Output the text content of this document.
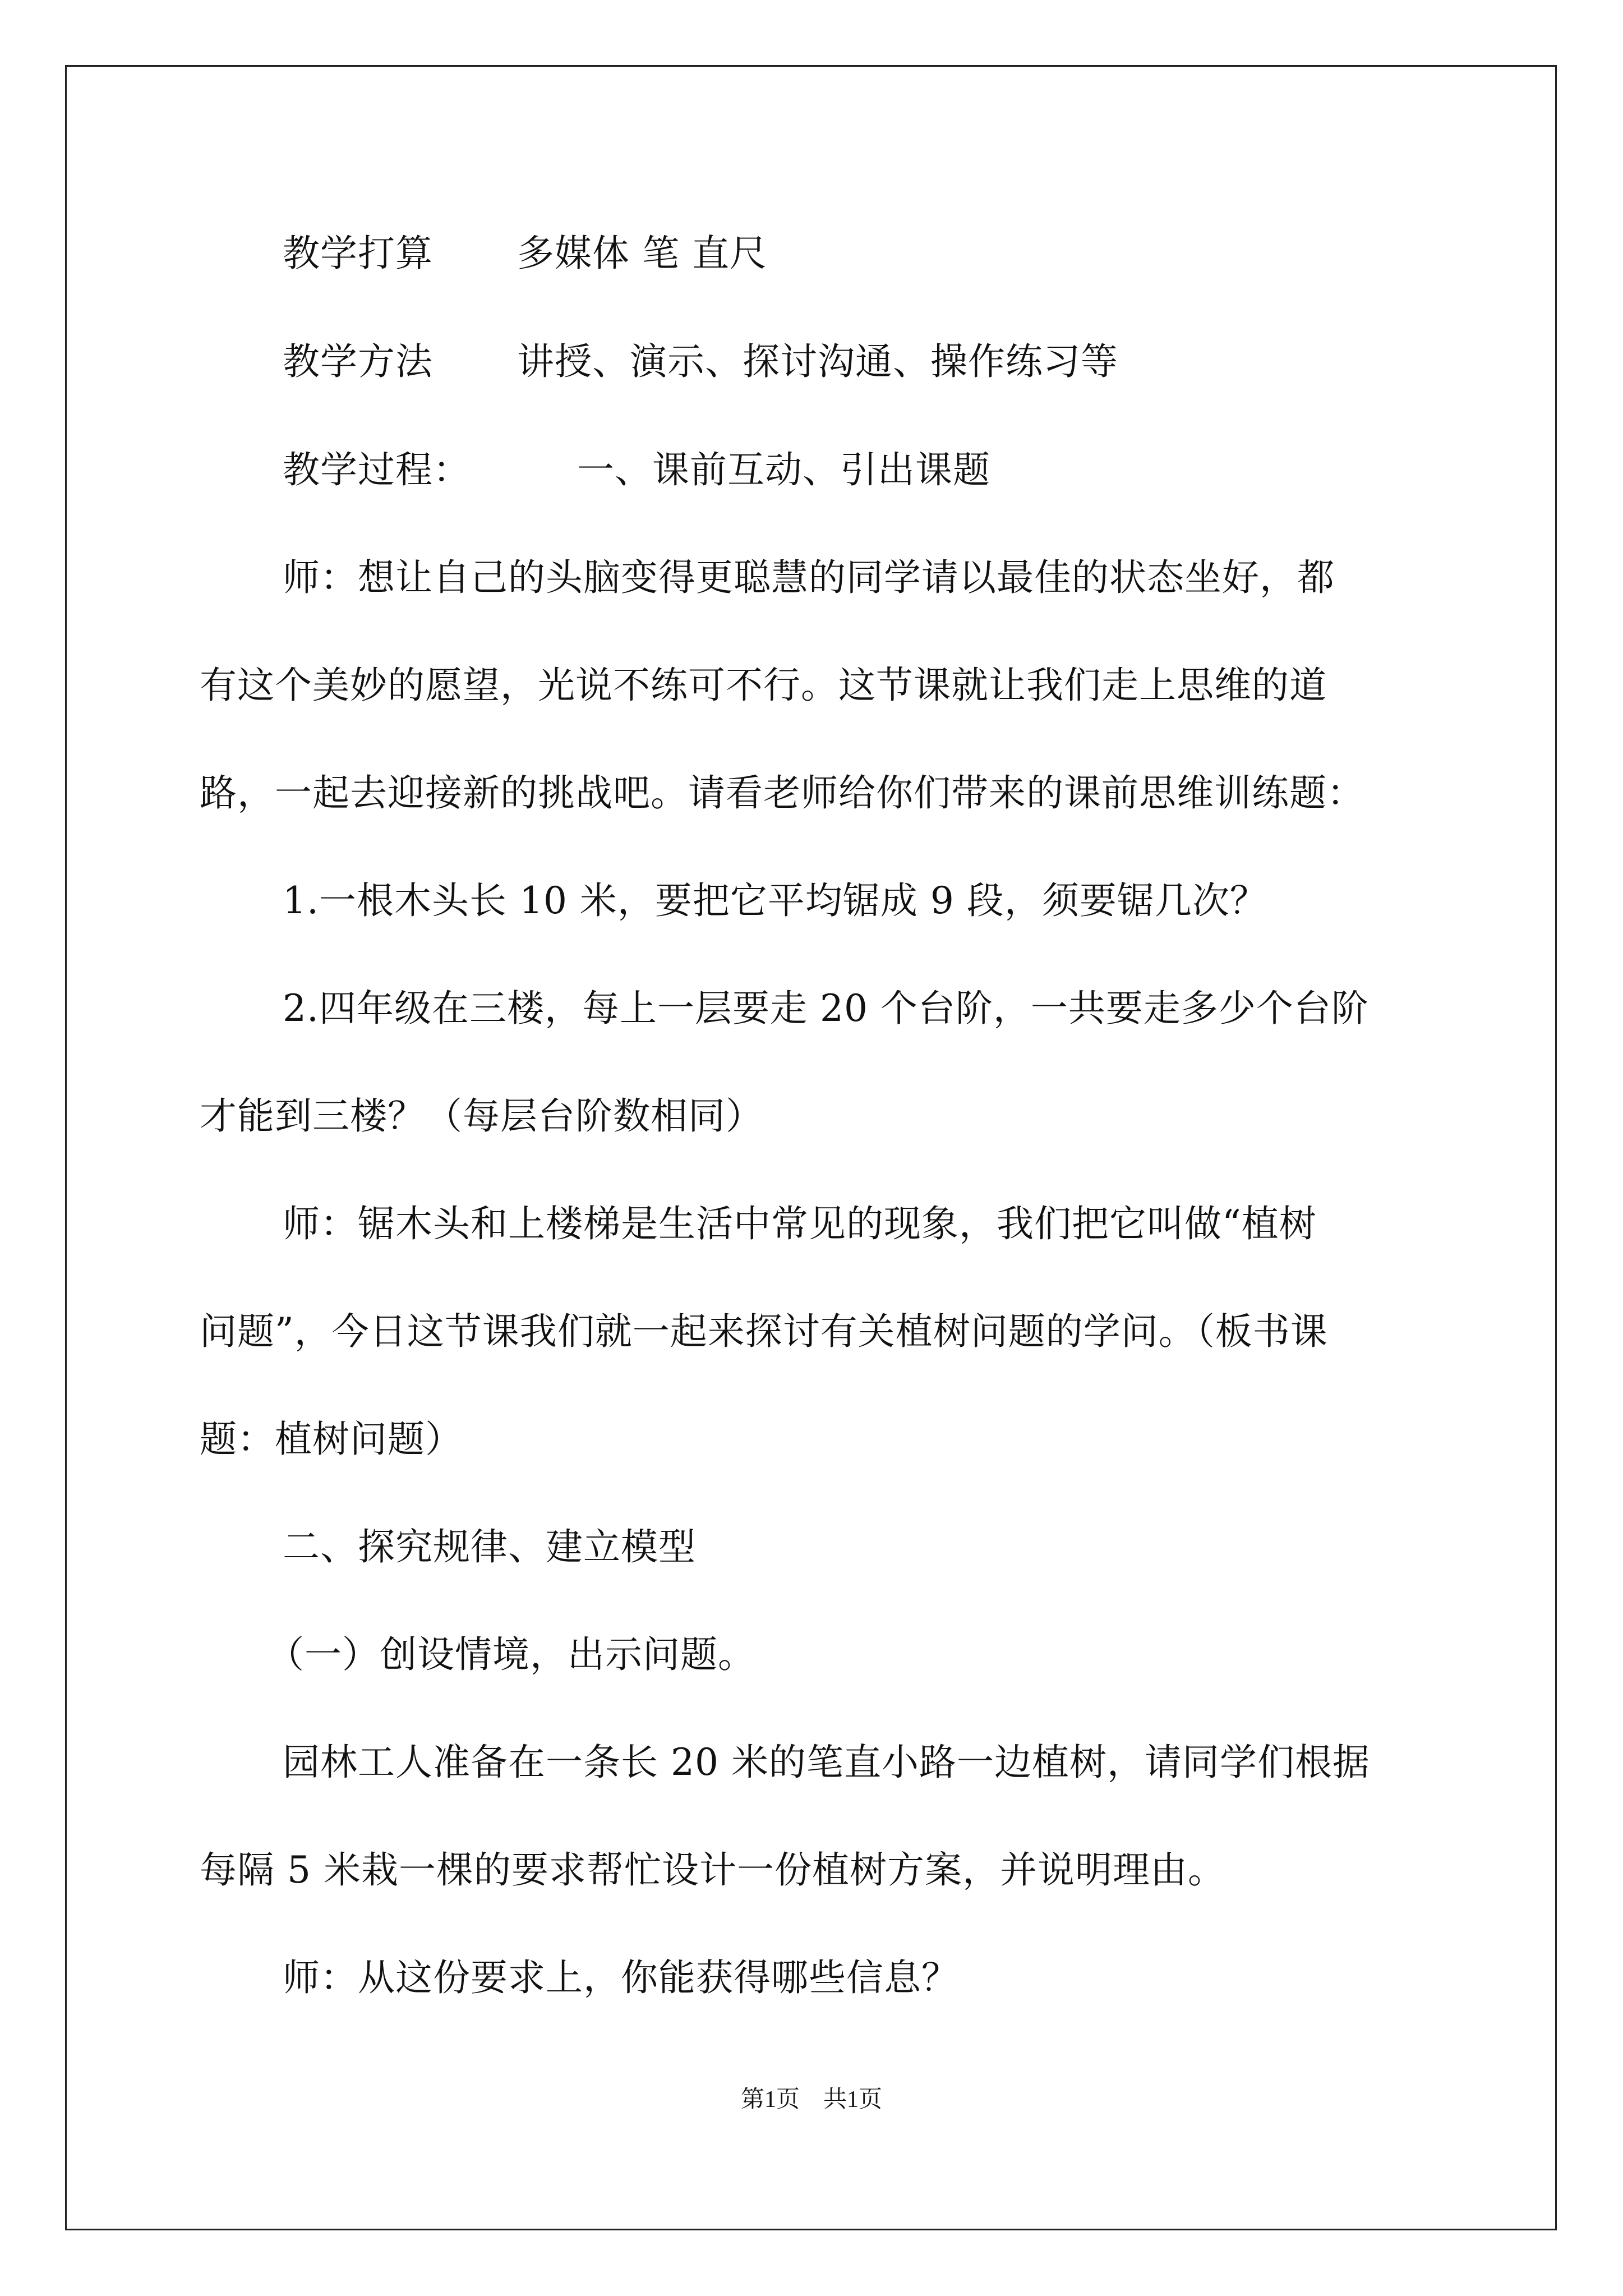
教学打算 多媒体 笔 直尺
教学方法 讲授、演示、探讨沟通、操作练习等
教学过程：	一、课前互动、引出课题
师：想让自己的头脑变得更聪慧的同学请以最佳的状态坐好，都
有这个美妙的愿望，光说不练可不行。这节课就让我们走上思维的道
路，一起去迎接新的挑战吧。请看老师给你们带来的课前思维训练题：
1.一根木头长 10 米，要把它平均锯成 9 段，须要锯几次？
2.四年级在三楼，每上一层要走 20 个台阶，一共要走多少个台阶
才能到三楼？（每层台阶数相同）
师：锯木头和上楼梯是生活中常见的现象，我们把它叫做“植树
问题”，今日这节课我们就一起来探讨有关植树问题的学问。（板书课
题：植树问题）
二、探究规律、建立模型
（一）创设情境，出示问题。
园林工人准备在一条长 20 米的笔直小路一边植树，请同学们根据
每隔 5 米栽一棵的要求帮忙设计一份植树方案，并说明理由。
师：从这份要求上，你能获得哪些信息？
第1页　共1页
